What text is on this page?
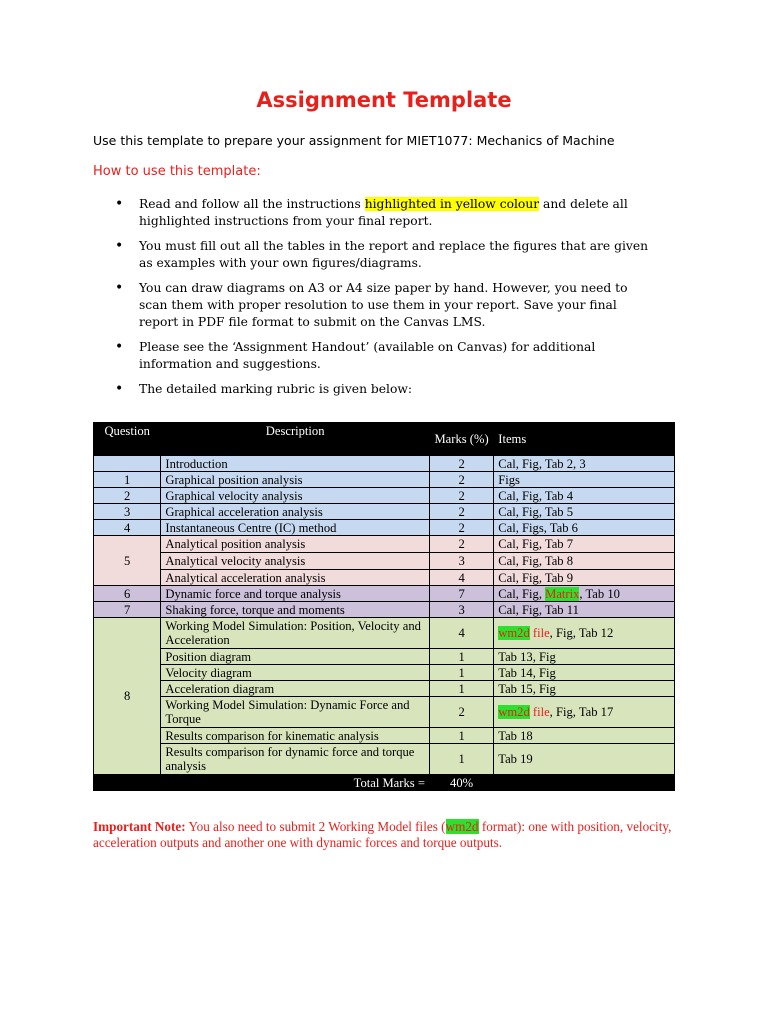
Assignment Template
Use this template to prepare your assignment for MIET1077: Mechanics of Machine
How to use this template:
• Read and follow all the instructions highlighted in yellow colour and delete all highlighted instructions from your final report.
• You must fill out all the tables in the report and replace the figures that are given as examples with your own figures/diagrams.
• You can draw diagrams on A3 or A4 size paper by hand. However, you need to scan them with proper resolution to use them in your report. Save your final report in PDF file format to submit on the Canvas LMS.
• Please see the ‘Assignment Handout’ (available on Canvas) for additional information and suggestions.
• The detailed marking rubric is given below:
Question	Description	Marks (%)	Items
	Introduction	2	Cal, Fig, Tab 2, 3
1	Graphical position analysis	2	Figs
2	Graphical velocity analysis	2	Cal, Fig, Tab 4
3	Graphical acceleration analysis	2	Cal, Fig, Tab 5
4	Instantaneous Centre (IC) method	2	Cal, Figs, Tab 6
5	Analytical position analysis	2	Cal, Fig, Tab 7
	Analytical velocity analysis	3	Cal, Fig, Tab 8
	Analytical acceleration analysis	4	Cal, Fig, Tab 9
6	Dynamic force and torque analysis	7	Cal, Fig, Matrix, Tab 10
7	Shaking force, torque and moments	3	Cal, Fig, Tab 11
8	Working Model Simulation: Position, Velocity and Acceleration	4	wm2d file, Fig, Tab 12
	Position diagram	1	Tab 13, Fig
	Velocity diagram	1	Tab 14, Fig
	Acceleration diagram	1	Tab 15, Fig
	Working Model Simulation: Dynamic Force and Torque	2	wm2d file, Fig, Tab 17
	Results comparison for kinematic analysis	1	Tab 18
	Results comparison for dynamic force and torque analysis	1	Tab 19
Total Marks =		40%	
Important Note: You also need to submit 2 Working Model files (wm2d format): one with position, velocity, acceleration outputs and another one with dynamic forces and torque outputs.
